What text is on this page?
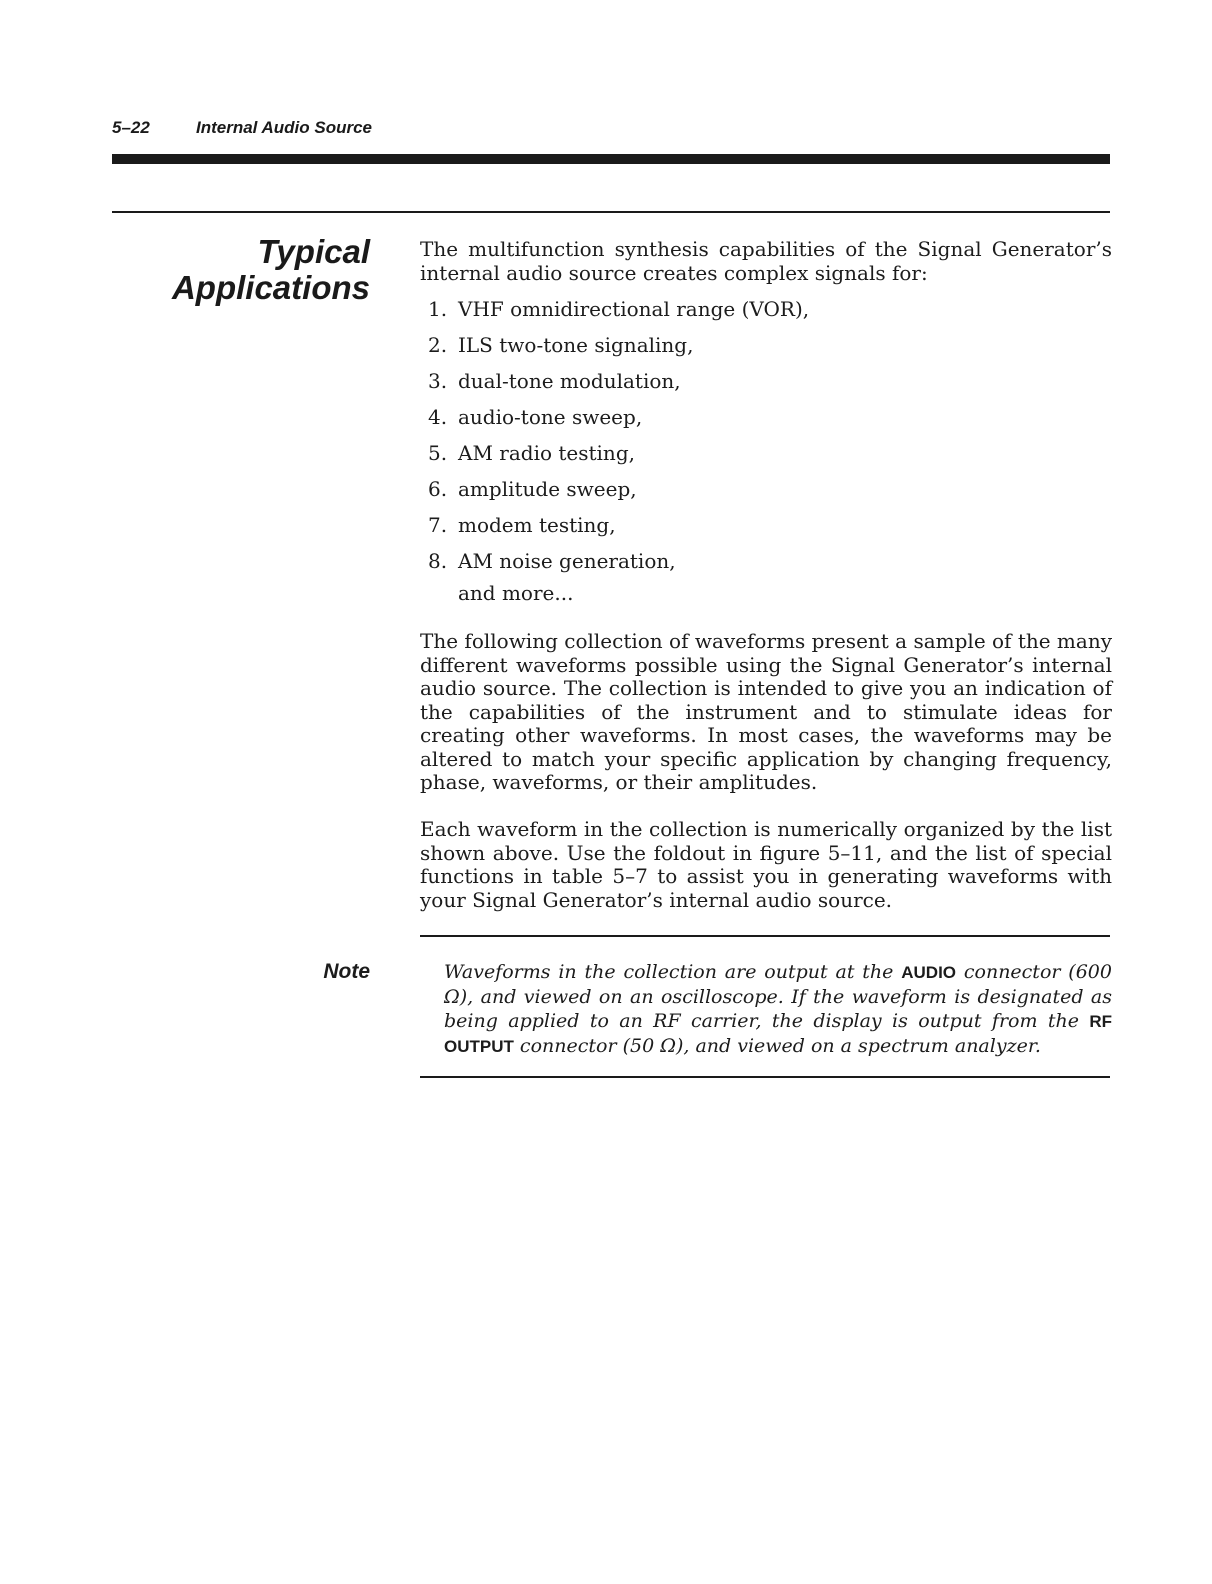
5–22	Internal Audio Source
Typical
Applications
The multifunction synthesis capabilities of the Signal Generator’s internal audio source creates complex signals for:
1. VHF omnidirectional range (VOR),
2. ILS two-tone signaling,
3. dual-tone modulation,
4. audio-tone sweep,
5. AM radio testing,
6. amplitude sweep,
7. modem testing,
8. AM noise generation,
and more...
The following collection of waveforms present a sample of the many different waveforms possible using the Signal Generator’s internal audio source. The collection is intended to give you an indication of the capabilities of the instrument and to stimulate ideas for creating other waveforms. In most cases, the waveforms may be altered to match your specific application by changing frequency, phase, waveforms, or their amplitudes.
Each waveform in the collection is numerically organized by the list shown above. Use the foldout in figure 5–11, and the list of special functions in table 5–7 to assist you in generating waveforms with your Signal Generator’s internal audio source.
Note	Waveforms in the collection are output at the AUDIO connector (600 Ω), and viewed on an oscilloscope. If the waveform is designated as being applied to an RF carrier, the display is output from the RF OUTPUT connector (50 Ω), and viewed on a spectrum analyzer.
